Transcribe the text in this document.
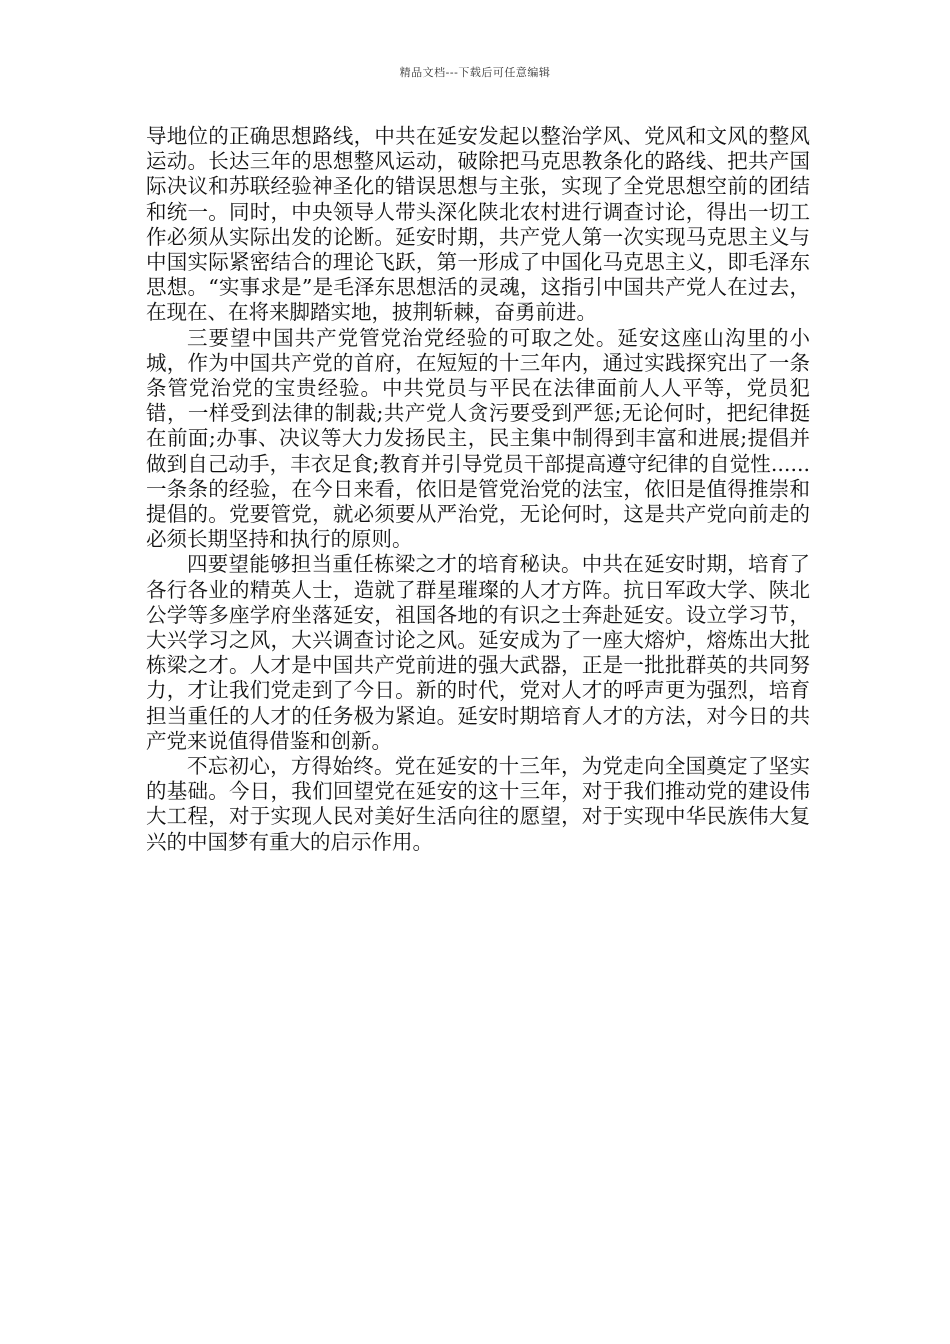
精品文档---下载后可任意编辑

导地位的正确思想路线，中共在延安发起以整治学风、党风和文风的整风运动。长达三年的思想整风运动，破除把马克思教条化的路线、把共产国际决议和苏联经验神圣化的错误思想与主张，实现了全党思想空前的团结和统一。同时，中央领导人带头深化陕北农村进行调查讨论，得出一切工作必须从实际出发的论断。延安时期，共产党人第一次实现马克思主义与中国实际紧密结合的理论飞跃，第一形成了中国化马克思主义，即毛泽东思想。“实事求是”是毛泽东思想活的灵魂，这指引中国共产党人在过去，在现在、在将来脚踏实地，披荆斩棘，奋勇前进。

三要望中国共产党管党治党经验的可取之处。延安这座山沟里的小城，作为中国共产党的首府，在短短的十三年内，通过实践探究出了一条条管党治党的宝贵经验。中共党员与平民在法律面前人人平等，党员犯错，一样受到法律的制裁;共产党人贪污要受到严惩;无论何时，把纪律挺在前面;办事、决议等大力发扬民主，民主集中制得到丰富和进展;提倡并做到自己动手，丰衣足食;教育并引导党员干部提高遵守纪律的自觉性......一条条的经验，在今日来看，依旧是管党治党的法宝，依旧是值得推崇和提倡的。党要管党，就必须要从严治党，无论何时，这是共产党向前走的必须长期坚持和执行的原则。

四要望能够担当重任栋梁之才的培育秘诀。中共在延安时期，培育了各行各业的精英人士，造就了群星璀璨的人才方阵。抗日军政大学、陕北公学等多座学府坐落延安，祖国各地的有识之士奔赴延安。设立学习节，大兴学习之风，大兴调查讨论之风。延安成为了一座大熔炉，熔炼出大批栋梁之才。人才是中国共产党前进的强大武器，正是一批批群英的共同努力，才让我们党走到了今日。新的时代，党对人才的呼声更为强烈，培育担当重任的人才的任务极为紧迫。延安时期培育人才的方法，对今日的共产党来说值得借鉴和创新。

不忘初心，方得始终。党在延安的十三年，为党走向全国奠定了坚实的基础。今日，我们回望党在延安的这十三年，对于我们推动党的建设伟大工程，对于实现人民对美好生活向往的愿望，对于实现中华民族伟大复兴的中国梦有重大的启示作用。
